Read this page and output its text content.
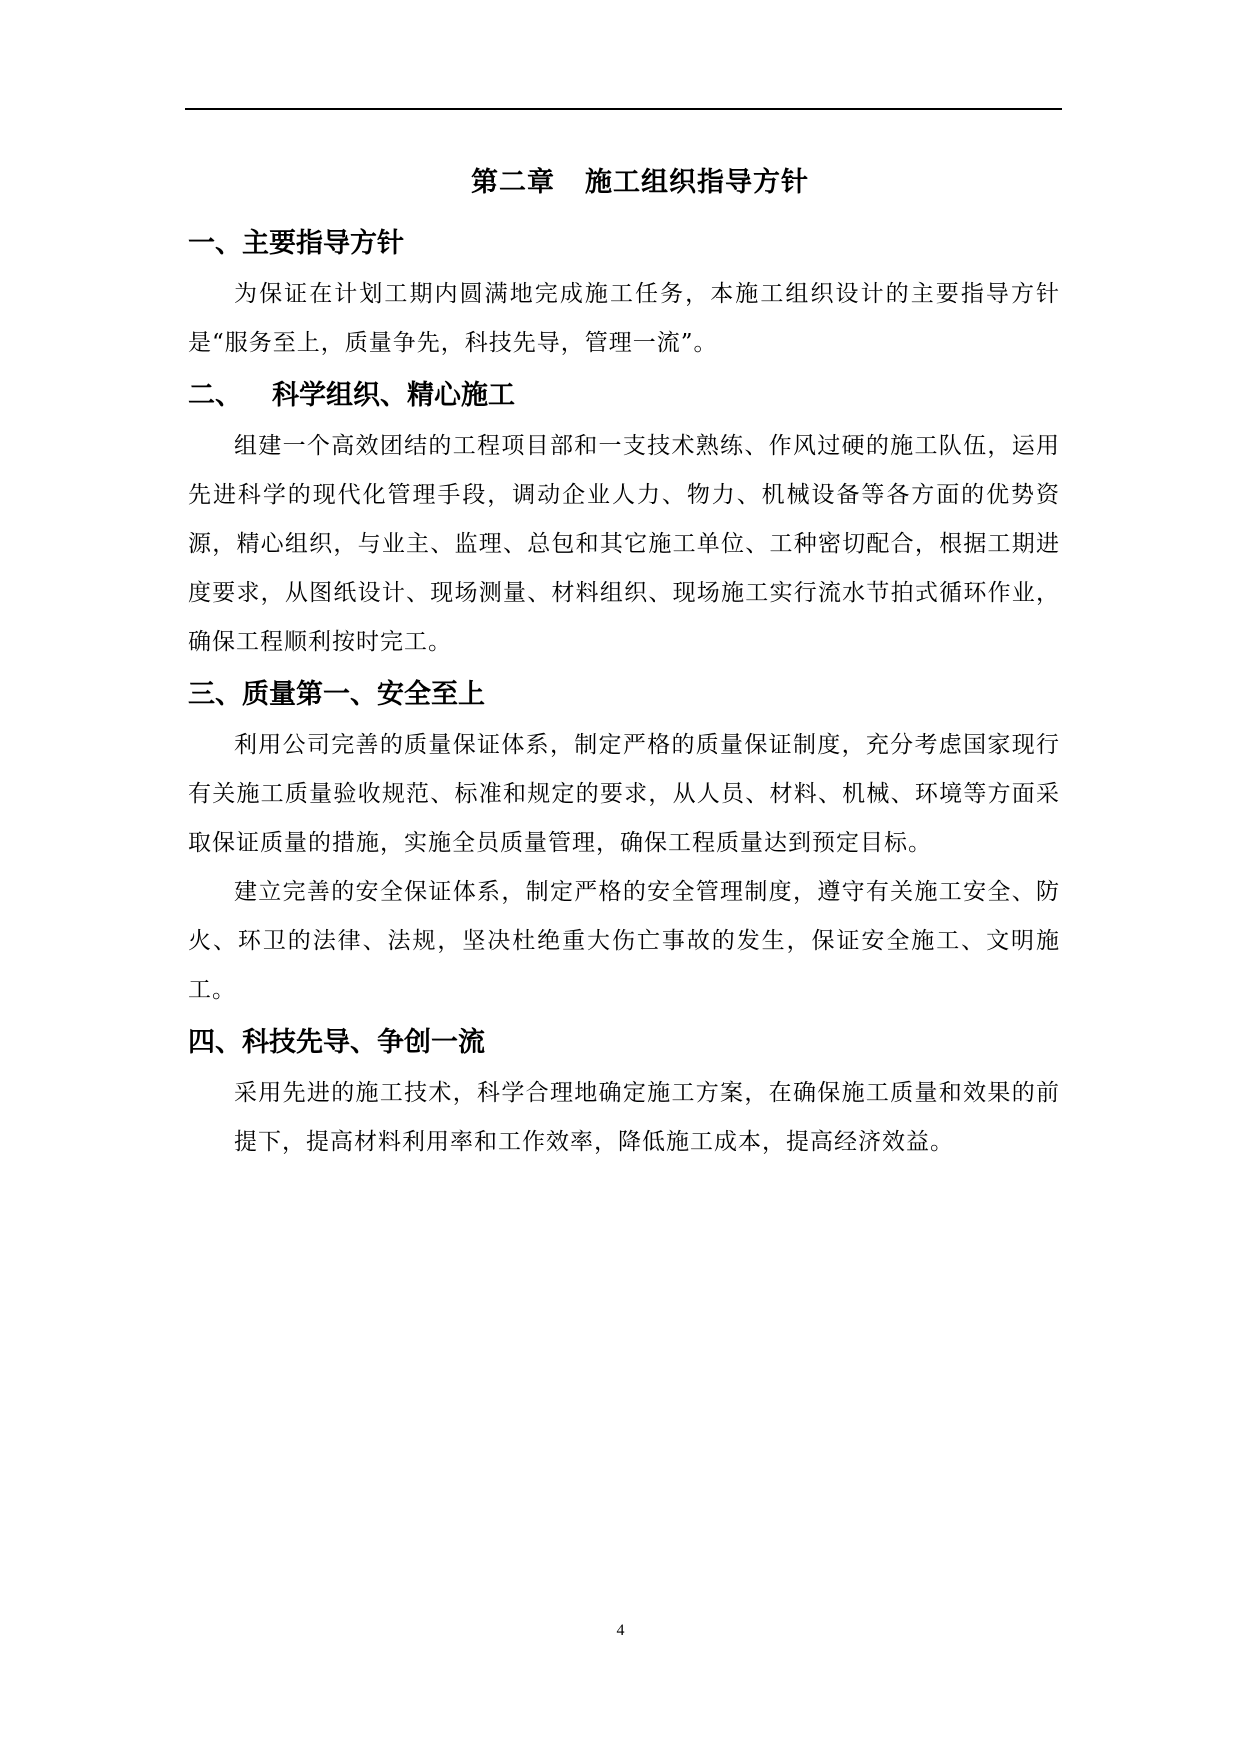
第二章 施工组织指导方针
一、主要指导方针

为保证在计划工期内圆满地完成施工任务，本施工组织设计的主要指导方针是“服务至上，质量争先，科技先导，管理一流”。

二、 科学组织、精心施工

组建一个高效团结的工程项目部和一支技术熟练、作风过硬的施工队伍，运用先进科学的现代化管理手段，调动企业人力、物力、机械设备等各方面的优势资源，精心组织，与业主、监理、总包和其它施工单位、工种密切配合，根据工期进度要求，从图纸设计、现场测量、材料组织、现场施工实行流水节拍式循环作业，确保工程顺利按时完工。

三、质量第一、安全至上

利用公司完善的质量保证体系，制定严格的质量保证制度，充分考虑国家现行有关施工质量验收规范、标准和规定的要求，从人员、材料、机械、环境等方面采取保证质量的措施，实施全员质量管理，确保工程质量达到预定目标。

建立完善的安全保证体系，制定严格的安全管理制度，遵守有关施工安全、防火、环卫的法律、法规，坚决杜绝重大伤亡事故的发生，保证安全施工、文明施工。

四、科技先导、争创一流

采用先进的施工技术，科学合理地确定施工方案，在确保施工质量和效果的前提下，提高材料利用率和工作效率，降低施工成本，提高经济效益。

4
